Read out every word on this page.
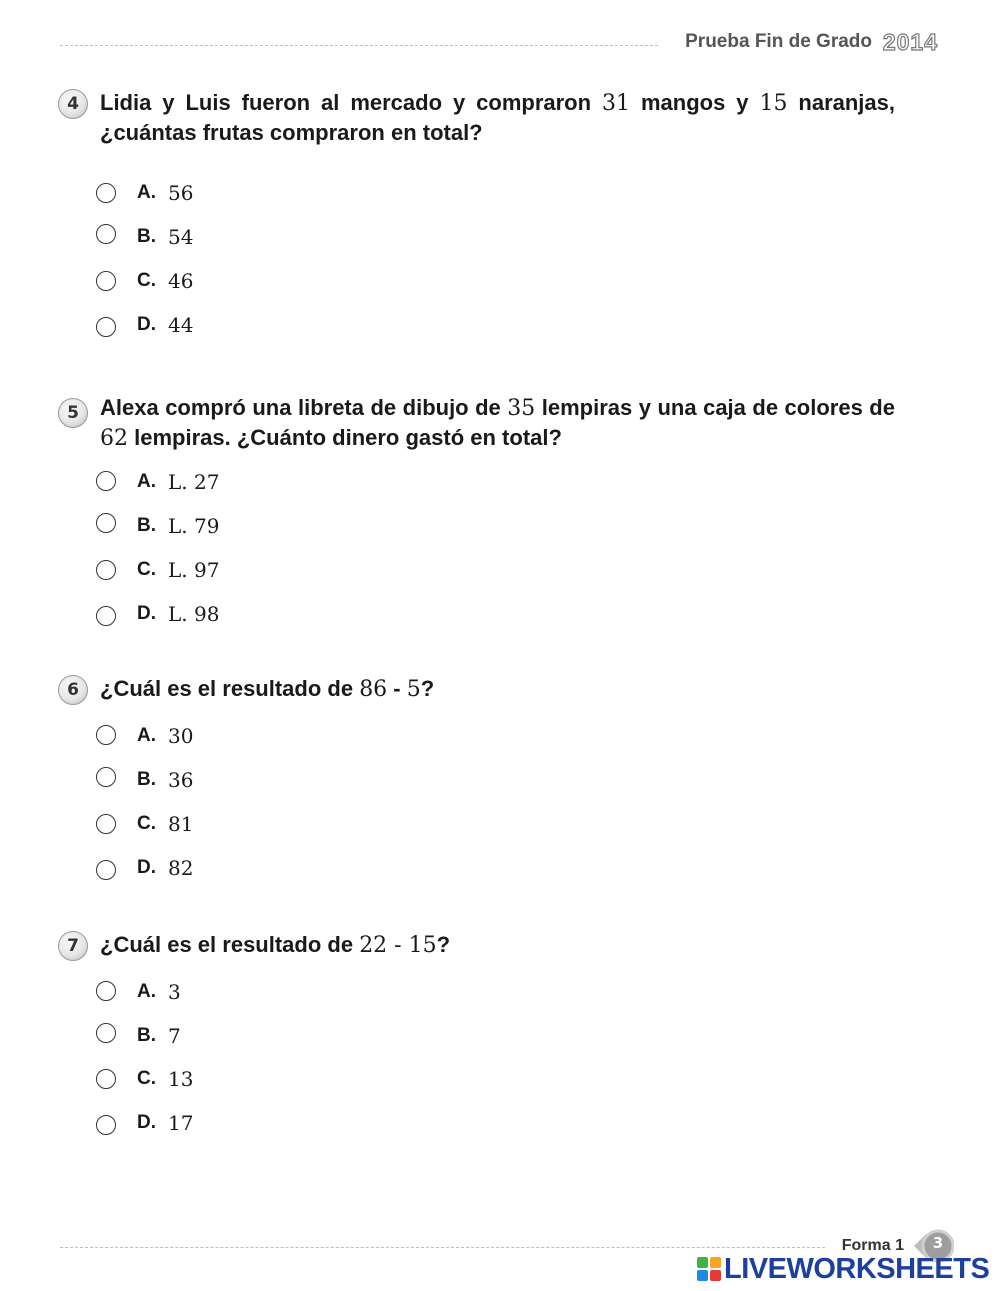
Prueba Fin de Grado 2014
4 Lidia y Luis fueron al mercado y compraron 31 mangos y 15 naranjas, ¿cuántas frutas compraron en total?
A. 56
B. 54
C. 46
D. 44
5 Alexa compró una libreta de dibujo de 35 lempiras y una caja de colores de 62 lempiras. ¿Cuánto dinero gastó en total?
A. L. 27
B. L. 79
C. L. 97
D. L. 98
6 ¿Cuál es el resultado de 86 - 5?
A. 30
B. 36
C. 81
D. 82
7 ¿Cuál es el resultado de 22 - 15?
A. 3
B. 7
C. 13
D. 17
Forma 1	3
LIVEWORKSHEETS
